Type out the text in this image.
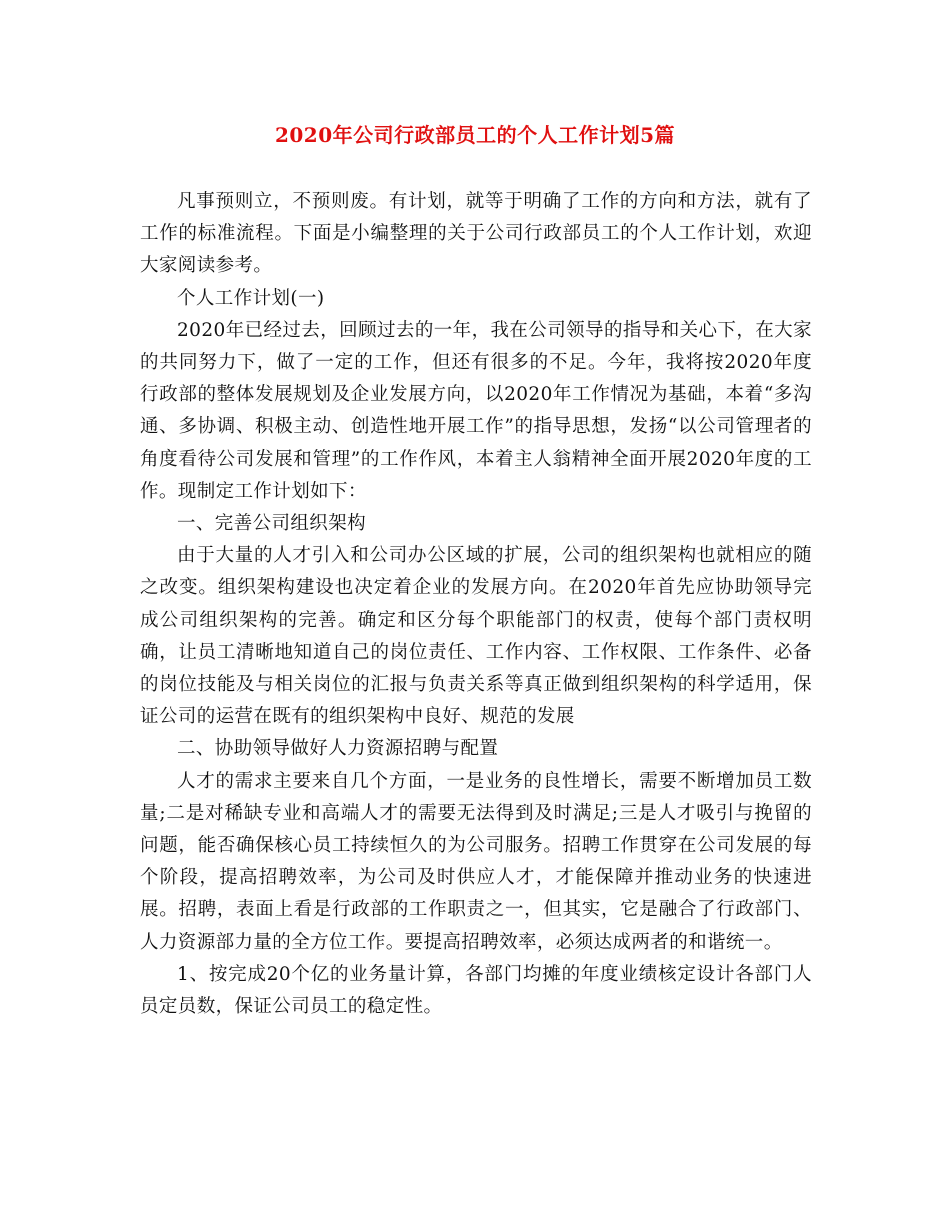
2020年公司行政部员工的个人工作计划5篇

凡事预则立，不预则废。有计划，就等于明确了工作的方向和方法，就有了工作的标准流程。下面是小编整理的关于公司行政部员工的个人工作计划，欢迎大家阅读参考。

个人工作计划(一)

2020年已经过去，回顾过去的一年，我在公司领导的指导和关心下，在大家的共同努力下，做了一定的工作，但还有很多的不足。今年，我将按2020年度行政部的整体发展规划及企业发展方向，以2020年工作情况为基础，本着“多沟通、多协调、积极主动、创造性地开展工作”的指导思想，发扬“以公司管理者的角度看待公司发展和管理”的工作作风，本着主人翁精神全面开展2020年度的工作。现制定工作计划如下：

一、完善公司组织架构

由于大量的人才引入和公司办公区域的扩展，公司的组织架构也就相应的随之改变。组织架构建设也决定着企业的发展方向。在2020年首先应协助领导完成公司组织架构的完善。确定和区分每个职能部门的权责，使每个部门责权明确，让员工清晰地知道自己的岗位责任、工作内容、工作权限、工作条件、必备的岗位技能及与相关岗位的汇报与负责关系等真正做到组织架构的科学适用，保证公司的运营在既有的组织架构中良好、规范的发展

二、协助领导做好人力资源招聘与配置

人才的需求主要来自几个方面，一是业务的良性增长，需要不断增加员工数量;二是对稀缺专业和高端人才的需要无法得到及时满足;三是人才吸引与挽留的问题，能否确保核心员工持续恒久的为公司服务。招聘工作贯穿在公司发展的每个阶段，提高招聘效率，为公司及时供应人才，才能保障并推动业务的快速进展。招聘，表面上看是行政部的工作职责之一，但其实，它是融合了行政部门、人力资源部力量的全方位工作。要提高招聘效率，必须达成两者的和谐统一。

1、按完成20个亿的业务量计算，各部门均摊的年度业绩核定设计各部门人员定员数，保证公司员工的稳定性。
